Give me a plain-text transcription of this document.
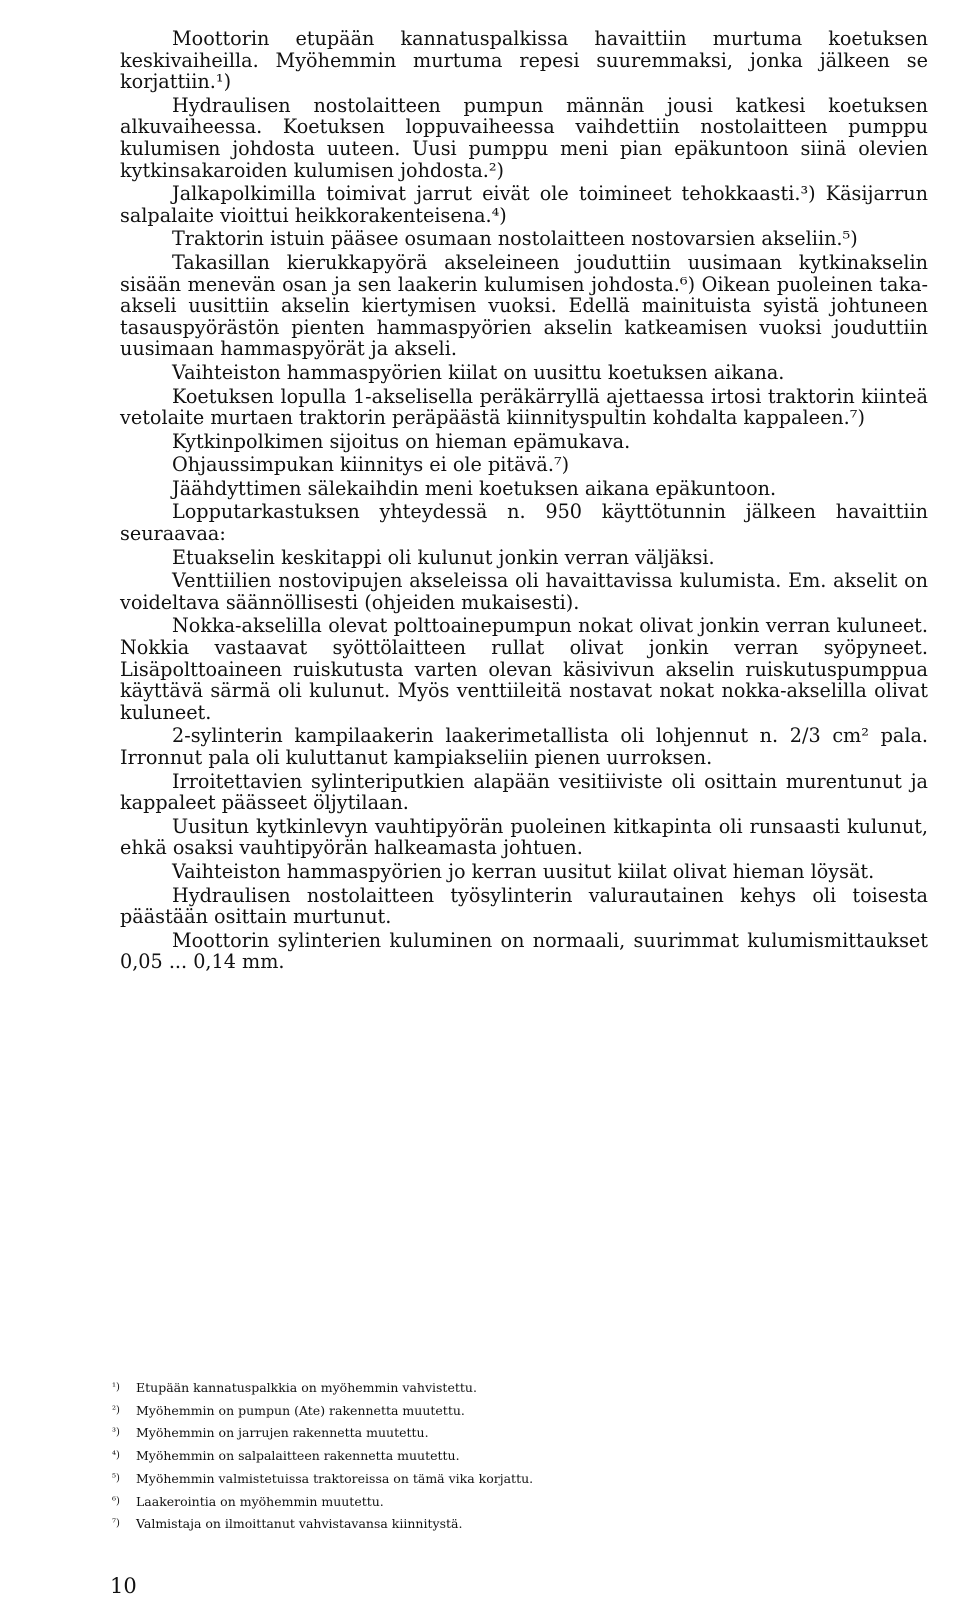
Moottorin etupään kannatuspalkissa havaittiin murtuma koetuksen keskivaiheilla. Myöhemmin murtuma repesi suuremmaksi, jonka jälkeen se korjattiin.¹)

Hydraulisen nostolaitteen pumpun männän jousi katkesi koetuksen alkuvaiheessa. Koetuksen loppuvaiheessa vaihdettiin nostolaitteen pumppu kulumisen johdosta uuteen. Uusi pumppu meni pian epäkuntoon siinä olevien kytkinsakaroiden kulumisen johdosta.²)

Jalkapolkimilla toimivat jarrut eivät ole toimineet tehokkaasti.³) Käsijarrun salpalaite vioittui heikkorakenteisena.⁴)

Traktorin istuin pääsee osumaan nostolaitteen nostovarsien akseliin.⁵)

Takasillan kierukkapyörä akseleineen jouduttiin uusimaan kytkinakselin sisään menevän osan ja sen laakerin kulumisen johdosta.⁶) Oikean puoleinen taka-akseli uusittiin akselin kiertymisen vuoksi. Edellä mainituista syistä johtuneen tasauspyörästön pienten hammaspyörien akselin katkeamisen vuoksi jouduttiin uusimaan hammaspyörät ja akseli.

Vaihteiston hammaspyörien kiilat on uusittu koetuksen aikana.

Koetuksen lopulla 1-akselisella peräkärryllä ajettaessa irtosi traktorin kiinteä vetolaite murtaen traktorin peräpäästä kiinnityspultin kohdalta kappaleen.⁷)

Kytkinpolkimen sijoitus on hieman epämukava.

Ohjaussimpukan kiinnitys ei ole pitävä.⁷)

Jäähdyttimen sälekaihdin meni koetuksen aikana epäkuntoon.

Lopputarkastuksen yhteydessä n. 950 käyttötunnin jälkeen havaittiin seuraavaa:

Etuakselin keskitappi oli kulunut jonkin verran väljäksi.

Venttiilien nostovipujen akseleissa oli havaittavissa kulumista. Em. akselit on voideltava säännöllisesti (ohjeiden mukaisesti).

Nokka-akselilla olevat polttoainepumpun nokat olivat jonkin verran kuluneet. Nokkia vastaavat syöttölaitteen rullat olivat jonkin verran syöpyneet. Lisäpolttoaineen ruiskutusta varten olevan käsivivun akselin ruiskutuspumppua käyttävä särmä oli kulunut. Myös venttiileitä nostavat nokat nokka-akselilla olivat kuluneet.

2-sylinterin kampilaakerin laakerimetallista oli lohjennut n. 2/3 cm² pala. Irronnut pala oli kuluttanut kampiakseliin pienen uurroksen.

Irroitettavien sylinteriputkien alapään vesitiiviste oli osittain murentunut ja kappaleet päässeet öljytilaan.

Uusitun kytkinlevyn vauhtipyörän puoleinen kitkapinta oli runsaasti kulunut, ehkä osaksi vauhtipyörän halkeamasta johtuen.

Vaihteiston hammaspyörien jo kerran uusitut kiilat olivat hieman löysät.

Hydraulisen nostolaitteen työsylinterin valurautainen kehys oli toisesta päästään osittain murtunut.

Moottorin sylinterien kuluminen on normaali, suurimmat kulumismittaukset 0,05 ... 0,14 mm.

¹)	Etupään kannatuspalkkia on myöhemmin vahvistettu.
²)	Myöhemmin on pumpun (Ate) rakennetta muutettu.
³)	Myöhemmin on jarrujen rakennetta muutettu.
⁴)	Myöhemmin on salpalaitteen rakennetta muutettu.
⁵)	Myöhemmin valmistetuissa traktoreissa on tämä vika korjattu.
⁶)	Laakerointia on myöhemmin muutettu.
⁷)	Valmistaja on ilmoittanut vahvistavansa kiinnitystä.
10
